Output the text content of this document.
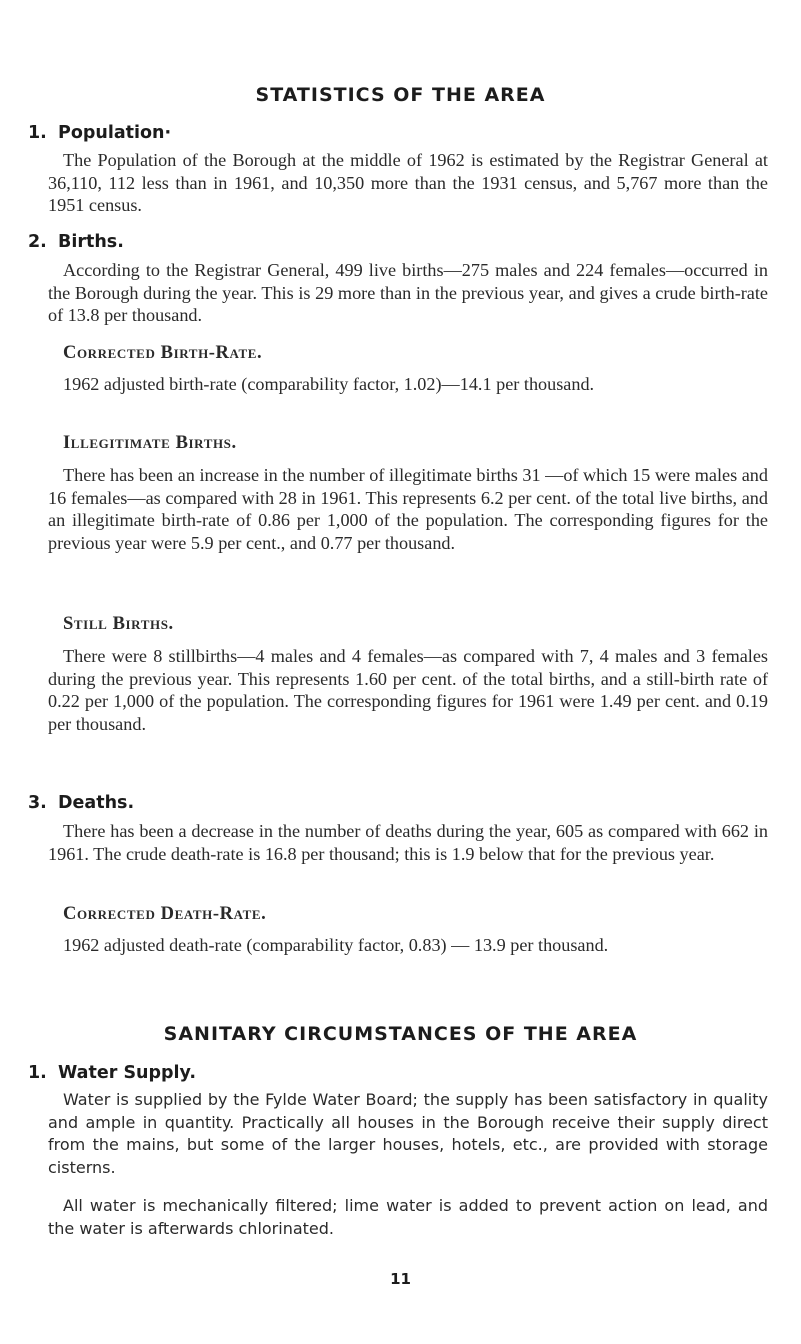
STATISTICS OF THE AREA
1. Population·

The Population of the Borough at the middle of 1962 is estimated by the Registrar General at 36,110, 112 less than in 1961, and 10,350 more than the 1931 census, and 5,767 more than the 1951 census.

2. Births.

According to the Registrar General, 499 live births—275 males and 224 females—occurred in the Borough during the year. This is 29 more than in the previous year, and gives a crude birth-rate of 13.8 per thousand.

Corrected Birth-Rate.

1962 adjusted birth-rate (comparability factor, 1.02)—14.1 per thousand.

Illegitimate Births.

There has been an increase in the number of illegitimate births 31 —of which 15 were males and 16 females—as compared with 28 in 1961. This represents 6.2 per cent. of the total live births, and an illegitimate birth-rate of 0.86 per 1,000 of the population. The corresponding figures for the previous year were 5.9 per cent., and 0.77 per thousand.

Still Births.

There were 8 stillbirths—4 males and 4 females—as compared with 7, 4 males and 3 females during the previous year. This represents 1.60 per cent. of the total births, and a still-birth rate of 0.22 per 1,000 of the population. The corresponding figures for 1961 were 1.49 per cent. and 0.19 per thousand.

3. Deaths.

There has been a decrease in the number of deaths during the year, 605 as compared with 662 in 1961. The crude death-rate is 16.8 per thousand; this is 1.9 below that for the previous year.

Corrected Death-Rate.

1962 adjusted death-rate (comparability factor, 0.83) — 13.9 per thousand.

SANITARY CIRCUMSTANCES OF THE AREA
1. Water Supply.

Water is supplied by the Fylde Water Board; the supply has been satisfactory in quality and ample in quantity. Practically all houses in the Borough receive their supply direct from the mains, but some of the larger houses, hotels, etc., are provided with storage cisterns.

All water is mechanically filtered; lime water is added to prevent action on lead, and the water is afterwards chlorinated.

11
